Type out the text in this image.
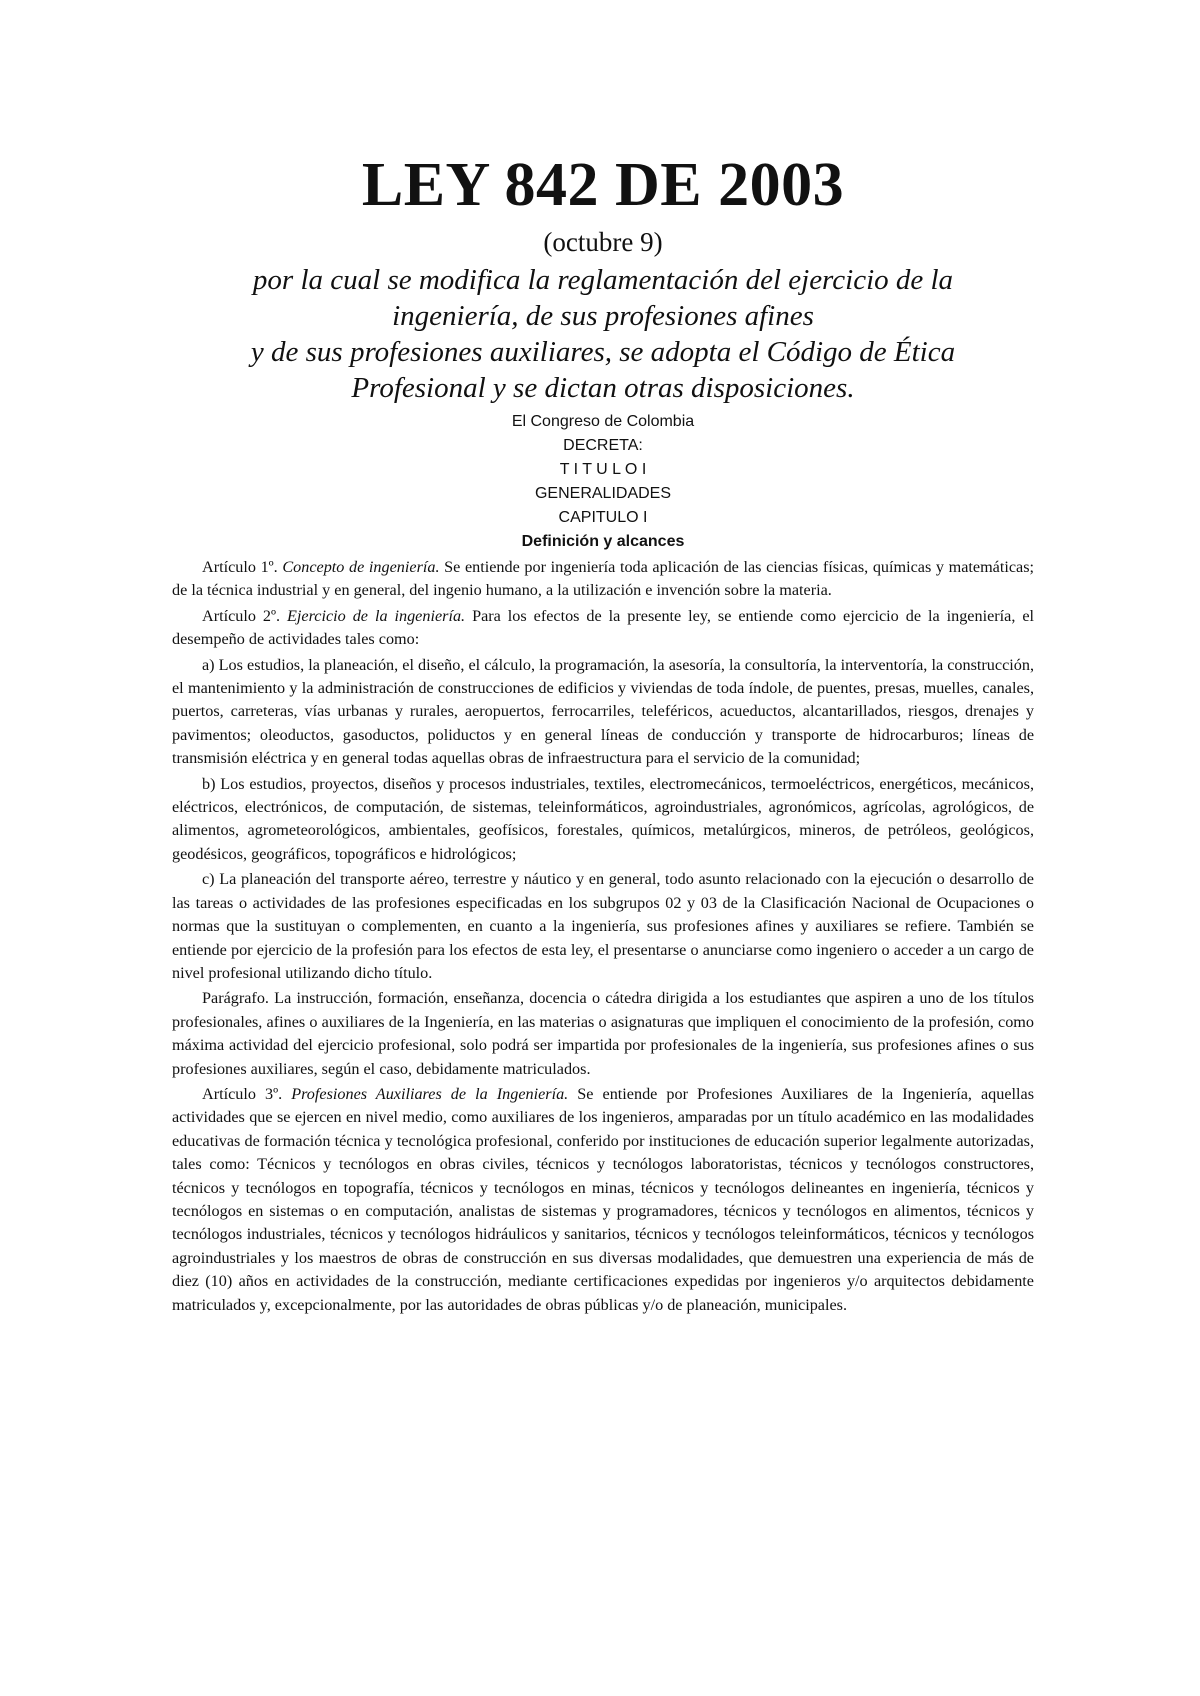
LEY 842 DE 2003
(octubre 9)

por la cual se modifica la reglamentación del ejercicio de la

ingeniería, de sus profesiones afines

y de sus profesiones auxiliares, se adopta el Código de Ética

Profesional y se dictan otras disposiciones.

El Congreso de Colombia

DECRETA:

T I T U L O I

GENERALIDADES

CAPITULO I

Definición y alcances

Artículo 1º. Concepto de ingeniería. Se entiende por ingeniería toda aplicación de las ciencias físicas, químicas y matemáticas; de la técnica industrial y en general, del ingenio humano, a la utilización e invención sobre la materia.

Artículo 2º. Ejercicio de la ingeniería. Para los efectos de la presente ley, se entiende como ejercicio de la ingeniería, el desempeño de actividades tales como:

a) Los estudios, la planeación, el diseño, el cálculo, la programación, la asesoría, la consultoría, la interventoría, la construcción, el mantenimiento y la administración de construcciones de edificios y viviendas de toda índole, de puentes, presas, muelles, canales, puertos, carreteras, vías urbanas y rurales, aeropuertos, ferrocarriles, teleféricos, acueductos, alcantarillados, riesgos, drenajes y pavimentos; oleoductos, gasoductos, poliductos y en general líneas de conducción y transporte de hidrocarburos; líneas de transmisión eléctrica y en general todas aquellas obras de infraestructura para el servicio de la comunidad;

b) Los estudios, proyectos, diseños y procesos industriales, textiles, electromecánicos, termoeléctricos, energéticos, mecánicos, eléctricos, electrónicos, de computación, de sistemas, teleinformáticos, agroindustriales, agronómicos, agrícolas, agrológicos, de alimentos, agrometeorológicos, ambientales, geofísicos, forestales, químicos, metalúrgicos, mineros, de petróleos, geológicos, geodésicos, geográficos, topográficos e hidrológicos;

c) La planeación del transporte aéreo, terrestre y náutico y en general, todo asunto relacionado con la ejecución o desarrollo de las tareas o actividades de las profesiones especificadas en los subgrupos 02 y 03 de la Clasificación Nacional de Ocupaciones o normas que la sustituyan o complementen, en cuanto a la ingeniería, sus profesiones afines y auxiliares se refiere. También se entiende por ejercicio de la profesión para los efectos de esta ley, el presentarse o anunciarse como ingeniero o acceder a un cargo de nivel profesional utilizando dicho título.

Parágrafo. La instrucción, formación, enseñanza, docencia o cátedra dirigida a los estudiantes que aspiren a uno de los títulos profesionales, afines o auxiliares de la Ingeniería, en las materias o asignaturas que impliquen el conocimiento de la profesión, como máxima actividad del ejercicio profesional, solo podrá ser impartida por profesionales de la ingeniería, sus profesiones afines o sus profesiones auxiliares, según el caso, debidamente matriculados.

Artículo 3º. Profesiones Auxiliares de la Ingeniería. Se entiende por Profesiones Auxiliares de la Ingeniería, aquellas actividades que se ejercen en nivel medio, como auxiliares de los ingenieros, amparadas por un título académico en las modalidades educativas de formación técnica y tecnológica profesional, conferido por instituciones de educación superior legalmente autorizadas, tales como: Técnicos y tecnólogos en obras civiles, técnicos y tecnólogos laboratoristas, técnicos y tecnólogos constructores, técnicos y tecnólogos en topografía, técnicos y tecnólogos en minas, técnicos y tecnólogos delineantes en ingeniería, técnicos y tecnólogos en sistemas o en computación, analistas de sistemas y programadores, técnicos y tecnólogos en alimentos, técnicos y tecnólogos industriales, técnicos y tecnólogos hidráulicos y sanitarios, técnicos y tecnólogos teleinformáticos, técnicos y tecnólogos agroindustriales y los maestros de obras de construcción en sus diversas modalidades, que demuestren una experiencia de más de diez (10) años en actividades de la construcción, mediante certificaciones expedidas por ingenieros y/o arquitectos debidamente matriculados y, excepcionalmente, por las autoridades de obras públicas y/o de planeación, municipales.
